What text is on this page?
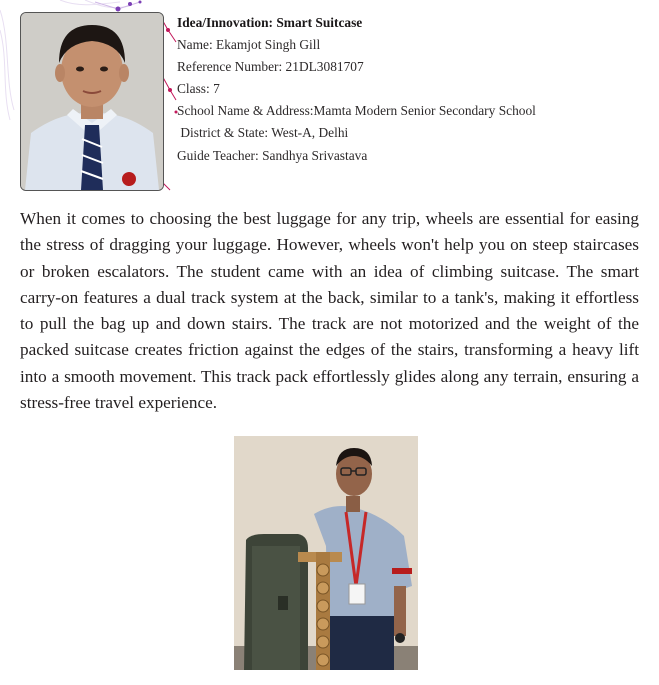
Idea/Innovation: Smart Suitcase
Name: Ekamjot Singh Gill
Reference Number: 21DL3081707
Class: 7
School Name & Address:Mamta Modern Senior Secondary School
District & State: West-A, Delhi
Guide Teacher: Sandhya Srivastava

When it comes to choosing the best luggage for any trip, wheels are essential for easing the stress of dragging your luggage. However, wheels won't help you on steep staircases or broken escalators. The student came with an idea of climbing suitcase. The smart carry-on features a dual track system at the back, similar to a tank's, making it effortless to pull the bag up and down stairs. The track are not motorized and the weight of the packed suitcase creates friction against the edges of the stairs, transforming a heavy lift into a smooth movement. This track pack effortlessly glides along any terrain, ensuring a stress-free travel experience.
